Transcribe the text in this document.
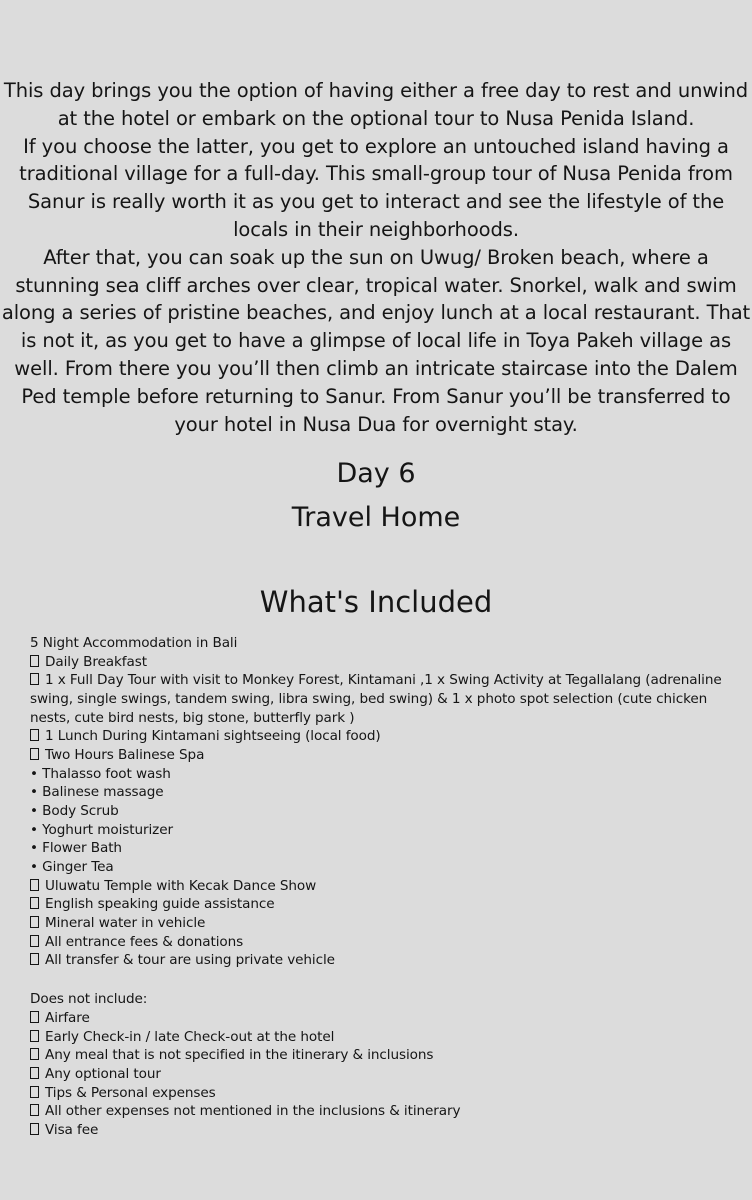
This day brings you the option of having either a free day to rest and unwind at the hotel or embark on the optional tour to Nusa Penida Island.

If you choose the latter, you get to explore an untouched island having a traditional village for a full-day. This small-group tour of Nusa Penida from Sanur is really worth it as you get to interact and see the lifestyle of the locals in their neighborhoods.

After that, you can soak up the sun on Uwug/ Broken beach, where a stunning sea cliff arches over clear, tropical water. Snorkel, walk and swim along a series of pristine beaches, and enjoy lunch at a local restaurant. That is not it, as you get to have a glimpse of local life in Toya Pakeh village as well. From there you you’ll then climb an intricate staircase into the Dalem Ped temple before returning to Sanur. From Sanur you’ll be transferred to your hotel in Nusa Dua for overnight stay.

Day 6
Travel Home
What's Included
5 Night Accommodation in Bali
Daily Breakfast
1 x Full Day Tour with visit to Monkey Forest, Kintamani ,1 x Swing Activity at Tegallalang (adrenaline swing, single swings, tandem swing, libra swing, bed swing) & 1 x photo spot selection (cute chicken nests, cute bird nests, big stone, butterfly park )
1 Lunch During Kintamani sightseeing (local food)
Two Hours Balinese Spa
• Thalasso foot wash
• Balinese massage
• Body Scrub
• Yoghurt moisturizer
• Flower Bath
• Ginger Tea
Uluwatu Temple with Kecak Dance Show
English speaking guide assistance
Mineral water in vehicle
All entrance fees & donations
All transfer & tour are using private vehicle
Does not include:
Airfare
Early Check-in / late Check-out at the hotel
Any meal that is not specified in the itinerary & inclusions
Any optional tour
Tips & Personal expenses
All other expenses not mentioned in the inclusions & itinerary
Visa fee
